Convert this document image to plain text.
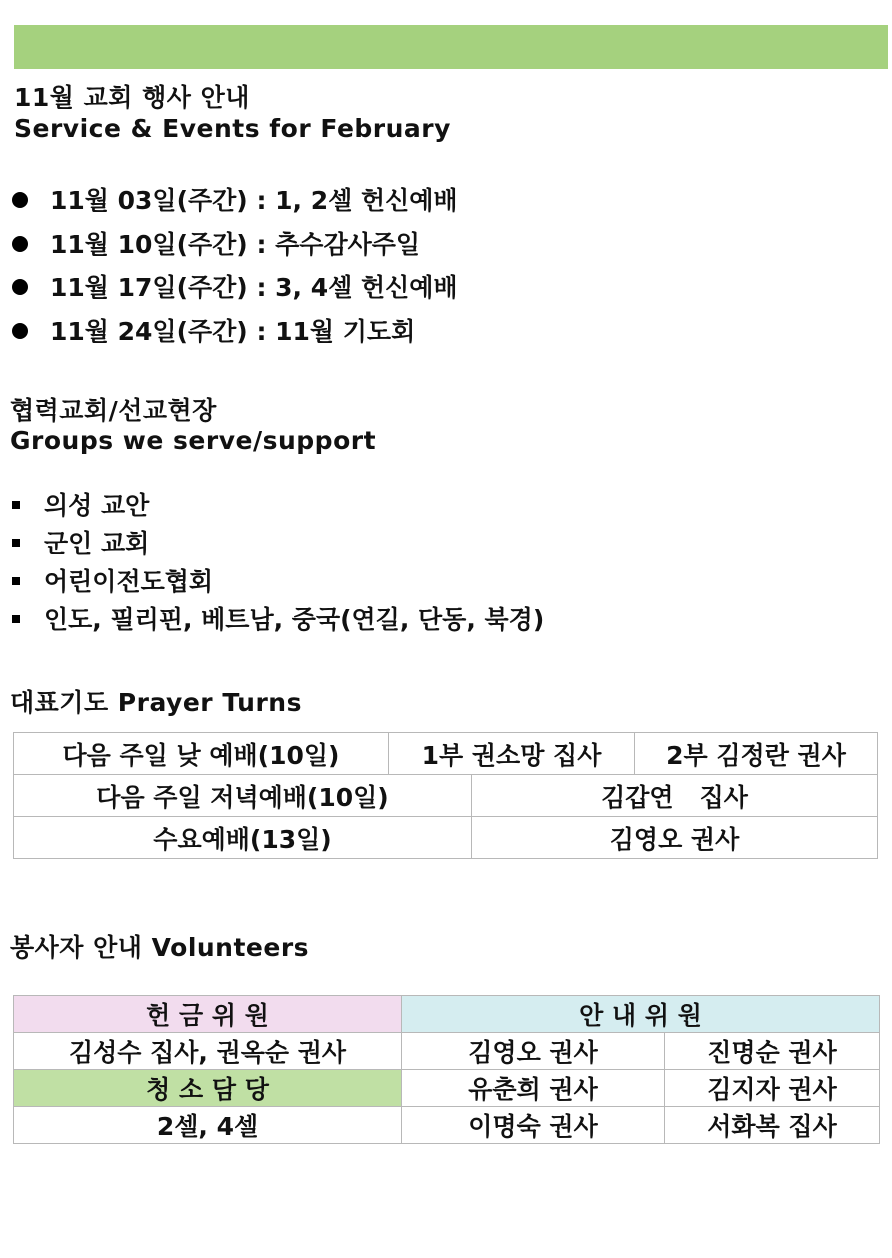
11월 교회 행사 안내
Service & Events for February
11월 03일(주간) : 1, 2셀 헌신예배
11월 10일(주간) : 추수감사주일
11월 17일(주간) : 3, 4셀 헌신예배
11월 24일(주간) : 11월 기도회
협력교회/선교현장
Groups we serve/support
의성 교안
군인 교회
어린이전도협회
인도, 필리핀, 베트남, 중국(연길, 단동, 북경)
대표기도 Prayer Turns
다음 주일 낮 예배(10일)	1부 권소망 집사		2부 김정란 권사
다음 주일 저녁예배(10일)		김갑연   집사	
수요예배(13일)		김영오 권사	
봉사자 안내 Volunteers
헌 금 위 원	안 내 위 원	
김성수 집사, 권옥순 권사	김영오 권사	진명순 권사
청 소 담 당	유춘희 권사	김지자 권사
2셀, 4셀	이명숙 권사	서화복 집사
